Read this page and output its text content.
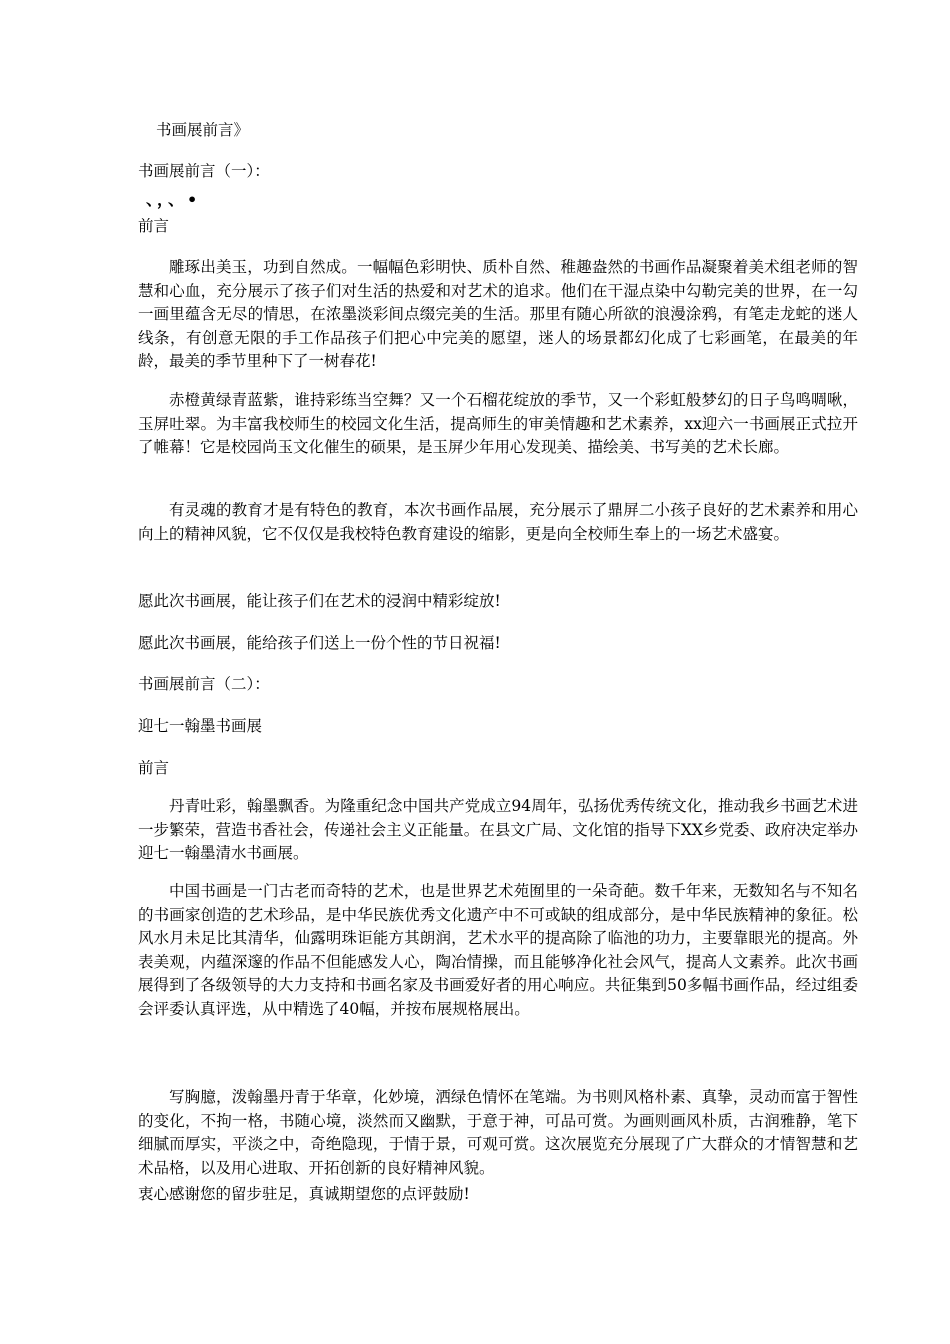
书画展前言》
书画展前言（一）：
、，、•
前言

雕琢出美玉，功到自然成。一幅幅色彩明快、质朴自然、稚趣盎然的书画作品凝聚着美术组老师的智慧和心血，充分展示了孩子们对生活的热爱和对艺术的追求。他们在干湿点染中勾勒完美的世界，在一勾一画里蕴含无尽的情思，在浓墨淡彩间点缀完美的生活。那里有随心所欲的浪漫涂鸦，有笔走龙蛇的迷人线条，有创意无限的手工作品孩子们把心中完美的愿望，迷人的场景都幻化成了七彩画笔，在最美的年龄，最美的季节里种下了一树春花!

赤橙黄绿青蓝紫，谁持彩练当空舞？又一个石榴花绽放的季节，又一个彩虹般梦幻的日子鸟鸣啁啾，玉屏吐翠。为丰富我校师生的校园文化生活，提高师生的审美情趣和艺术素养，xx迎六一书画展正式拉开了帷幕！它是校园尚玉文化催生的硕果，是玉屏少年用心发现美、描绘美、书写美的艺术长廊。

有灵魂的教育才是有特色的教育，本次书画作品展，充分展示了鼎屏二小孩子良好的艺术素养和用心向上的精神风貌，它不仅仅是我校特色教育建设的缩影，更是向全校师生奉上的一场艺术盛宴。

愿此次书画展，能让孩子们在艺术的浸润中精彩绽放!
愿此次书画展，能给孩子们送上一份个性的节日祝福!
书画展前言（二）：
迎七一翰墨书画展
前言

丹青吐彩，翰墨飘香。为隆重纪念中国共产党成立94周年，弘扬优秀传统文化，推动我乡书画艺术进一步繁荣，营造书香社会，传递社会主义正能量。在县文广局、文化馆的指导下XX乡党委、政府决定举办迎七一翰墨清水书画展。

中国书画是一门古老而奇特的艺术，也是世界艺术苑囿里的一朵奇葩。数千年来，无数知名与不知名的书画家创造的艺术珍品，是中华民族优秀文化遗产中不可或缺的组成部分，是中华民族精神的象征。松风水月未足比其清华，仙露明珠讵能方其朗润，艺术水平的提高除了临池的功力，主要靠眼光的提高。外表美观，内蕴深邃的作品不但能感发人心，陶冶情操，而且能够净化社会风气，提高人文素养。此次书画展得到了各级领导的大力支持和书画名家及书画爱好者的用心响应。共征集到50多幅书画作品，经过组委会评委认真评选，从中精选了40幅，并按布展规格展出。

写胸臆，泼翰墨丹青于华章，化妙境，洒绿色情怀在笔端。为书则风格朴素、真挚，灵动而富于智性的变化，不拘一格，书随心境，淡然而又幽默，于意于神，可品可赏。为画则画风朴质，古润雅静，笔下细腻而厚实，平淡之中，奇绝隐现，于情于景，可观可赏。这次展览充分展现了广大群众的才情智慧和艺术品格，以及用心进取、开拓创新的良好精神风貌。

衷心感谢您的留步驻足，真诚期望您的点评鼓励!
